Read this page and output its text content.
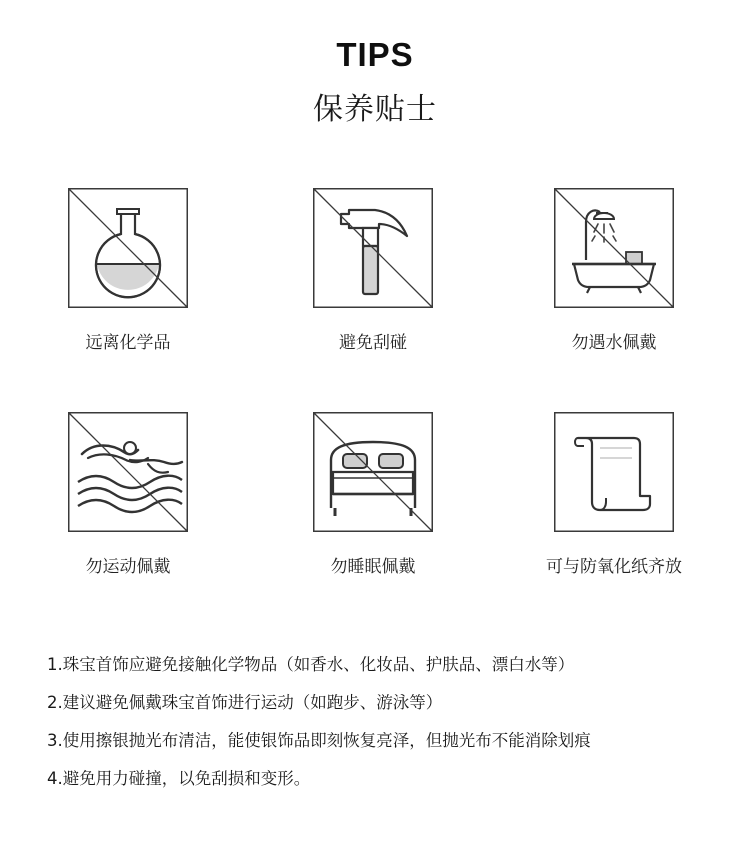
TIPS
保养贴士
远离化学品	避免刮碰	勿遇水佩戴
勿运动佩戴	勿睡眠佩戴	可与防氧化纸齐放
1.珠宝首饰应避免接触化学物品（如香水、化妆品、护肤品、漂白水等）
2.建议避免佩戴珠宝首饰进行运动（如跑步、游泳等）
3.使用擦银抛光布清洁，能使银饰品即刻恢复亮泽，但抛光布不能消除划痕
4.避免用力碰撞，以免刮损和变形。
